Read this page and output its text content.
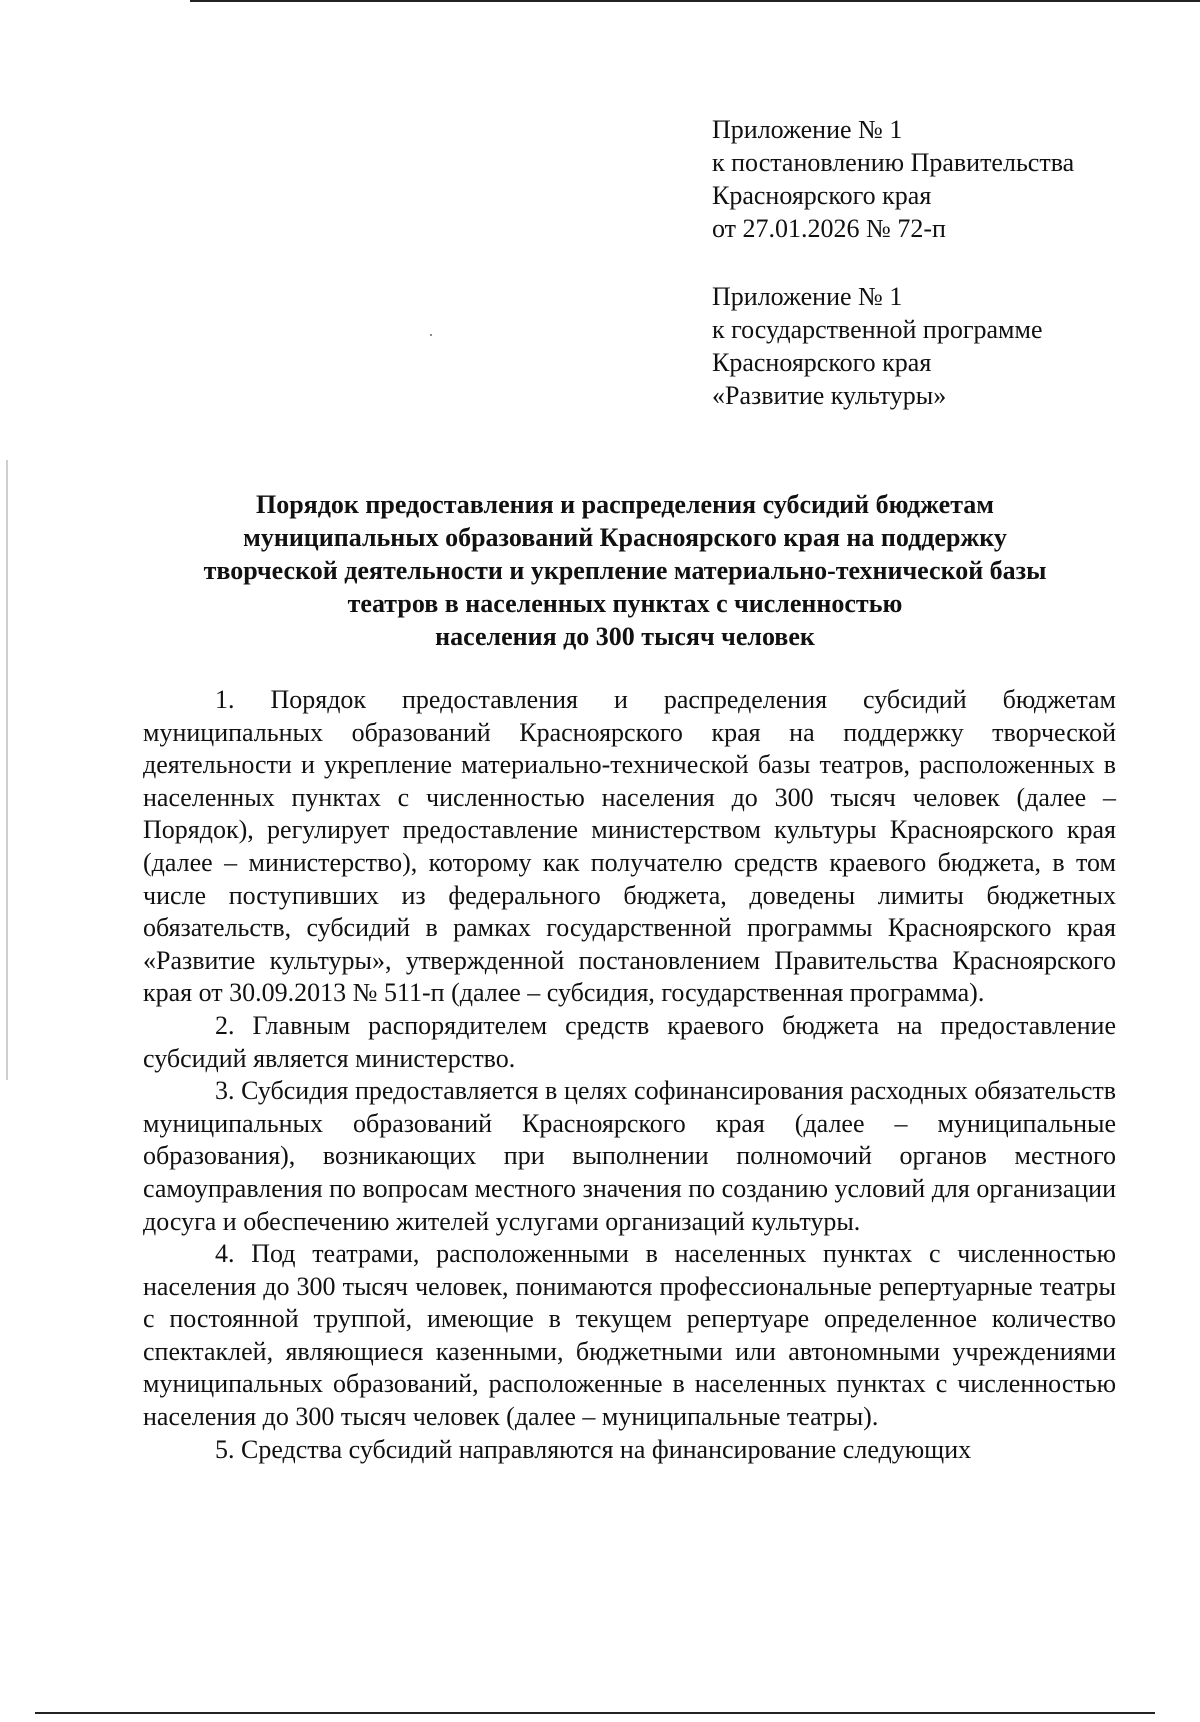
Приложение № 1
к постановлению Правительства
Красноярского края
от 27.01.2026 № 72-п
Приложение № 1
к государственной программе
Красноярского края
«Развитие культуры»
Порядок предоставления и распределения субсидий бюджетам
муниципальных образований Красноярского края на поддержку
творческой деятельности и укрепление материально-технической базы
театров в населенных пунктах с численностью
населения до 300 тысяч человек

1. Порядок предоставления и распределения субсидий бюджетам муниципальных образований Красноярского края на поддержку творческой деятельности и укрепление материально-технической базы театров, расположенных в населенных пунктах с численностью населения до 300 тысяч человек (далее – Порядок), регулирует предоставление министерством культуры Красноярского края (далее – министерство), которому как получателю средств краевого бюджета, в том числе поступивших из федерального бюджета, доведены лимиты бюджетных обязательств, субсидий в рамках государственной программы Красноярского края «Развитие культуры», утвержденной постановлением Правительства Красноярского края от 30.09.2013 № 511-п (далее – субсидия, государственная программа).

2. Главным распорядителем средств краевого бюджета на предоставление субсидий является министерство.

3. Субсидия предоставляется в целях софинансирования расходных обязательств муниципальных образований Красноярского края (далее – муниципальные образования), возникающих при выполнении полномочий органов местного самоуправления по вопросам местного значения по созданию условий для организации досуга и обеспечению жителей услугами организаций культуры.

4. Под театрами, расположенными в населенных пунктах с численностью населения до 300 тысяч человек, понимаются профессиональные репертуарные театры с постоянной труппой, имеющие в текущем репертуаре определенное количество спектаклей, являющиеся казенными, бюджетными или автономными учреждениями муниципальных образований, расположенные в населенных пунктах с численностью населения до 300 тысяч человек (далее – муниципальные театры).

5. Средства субсидий направляются на финансирование следующих
